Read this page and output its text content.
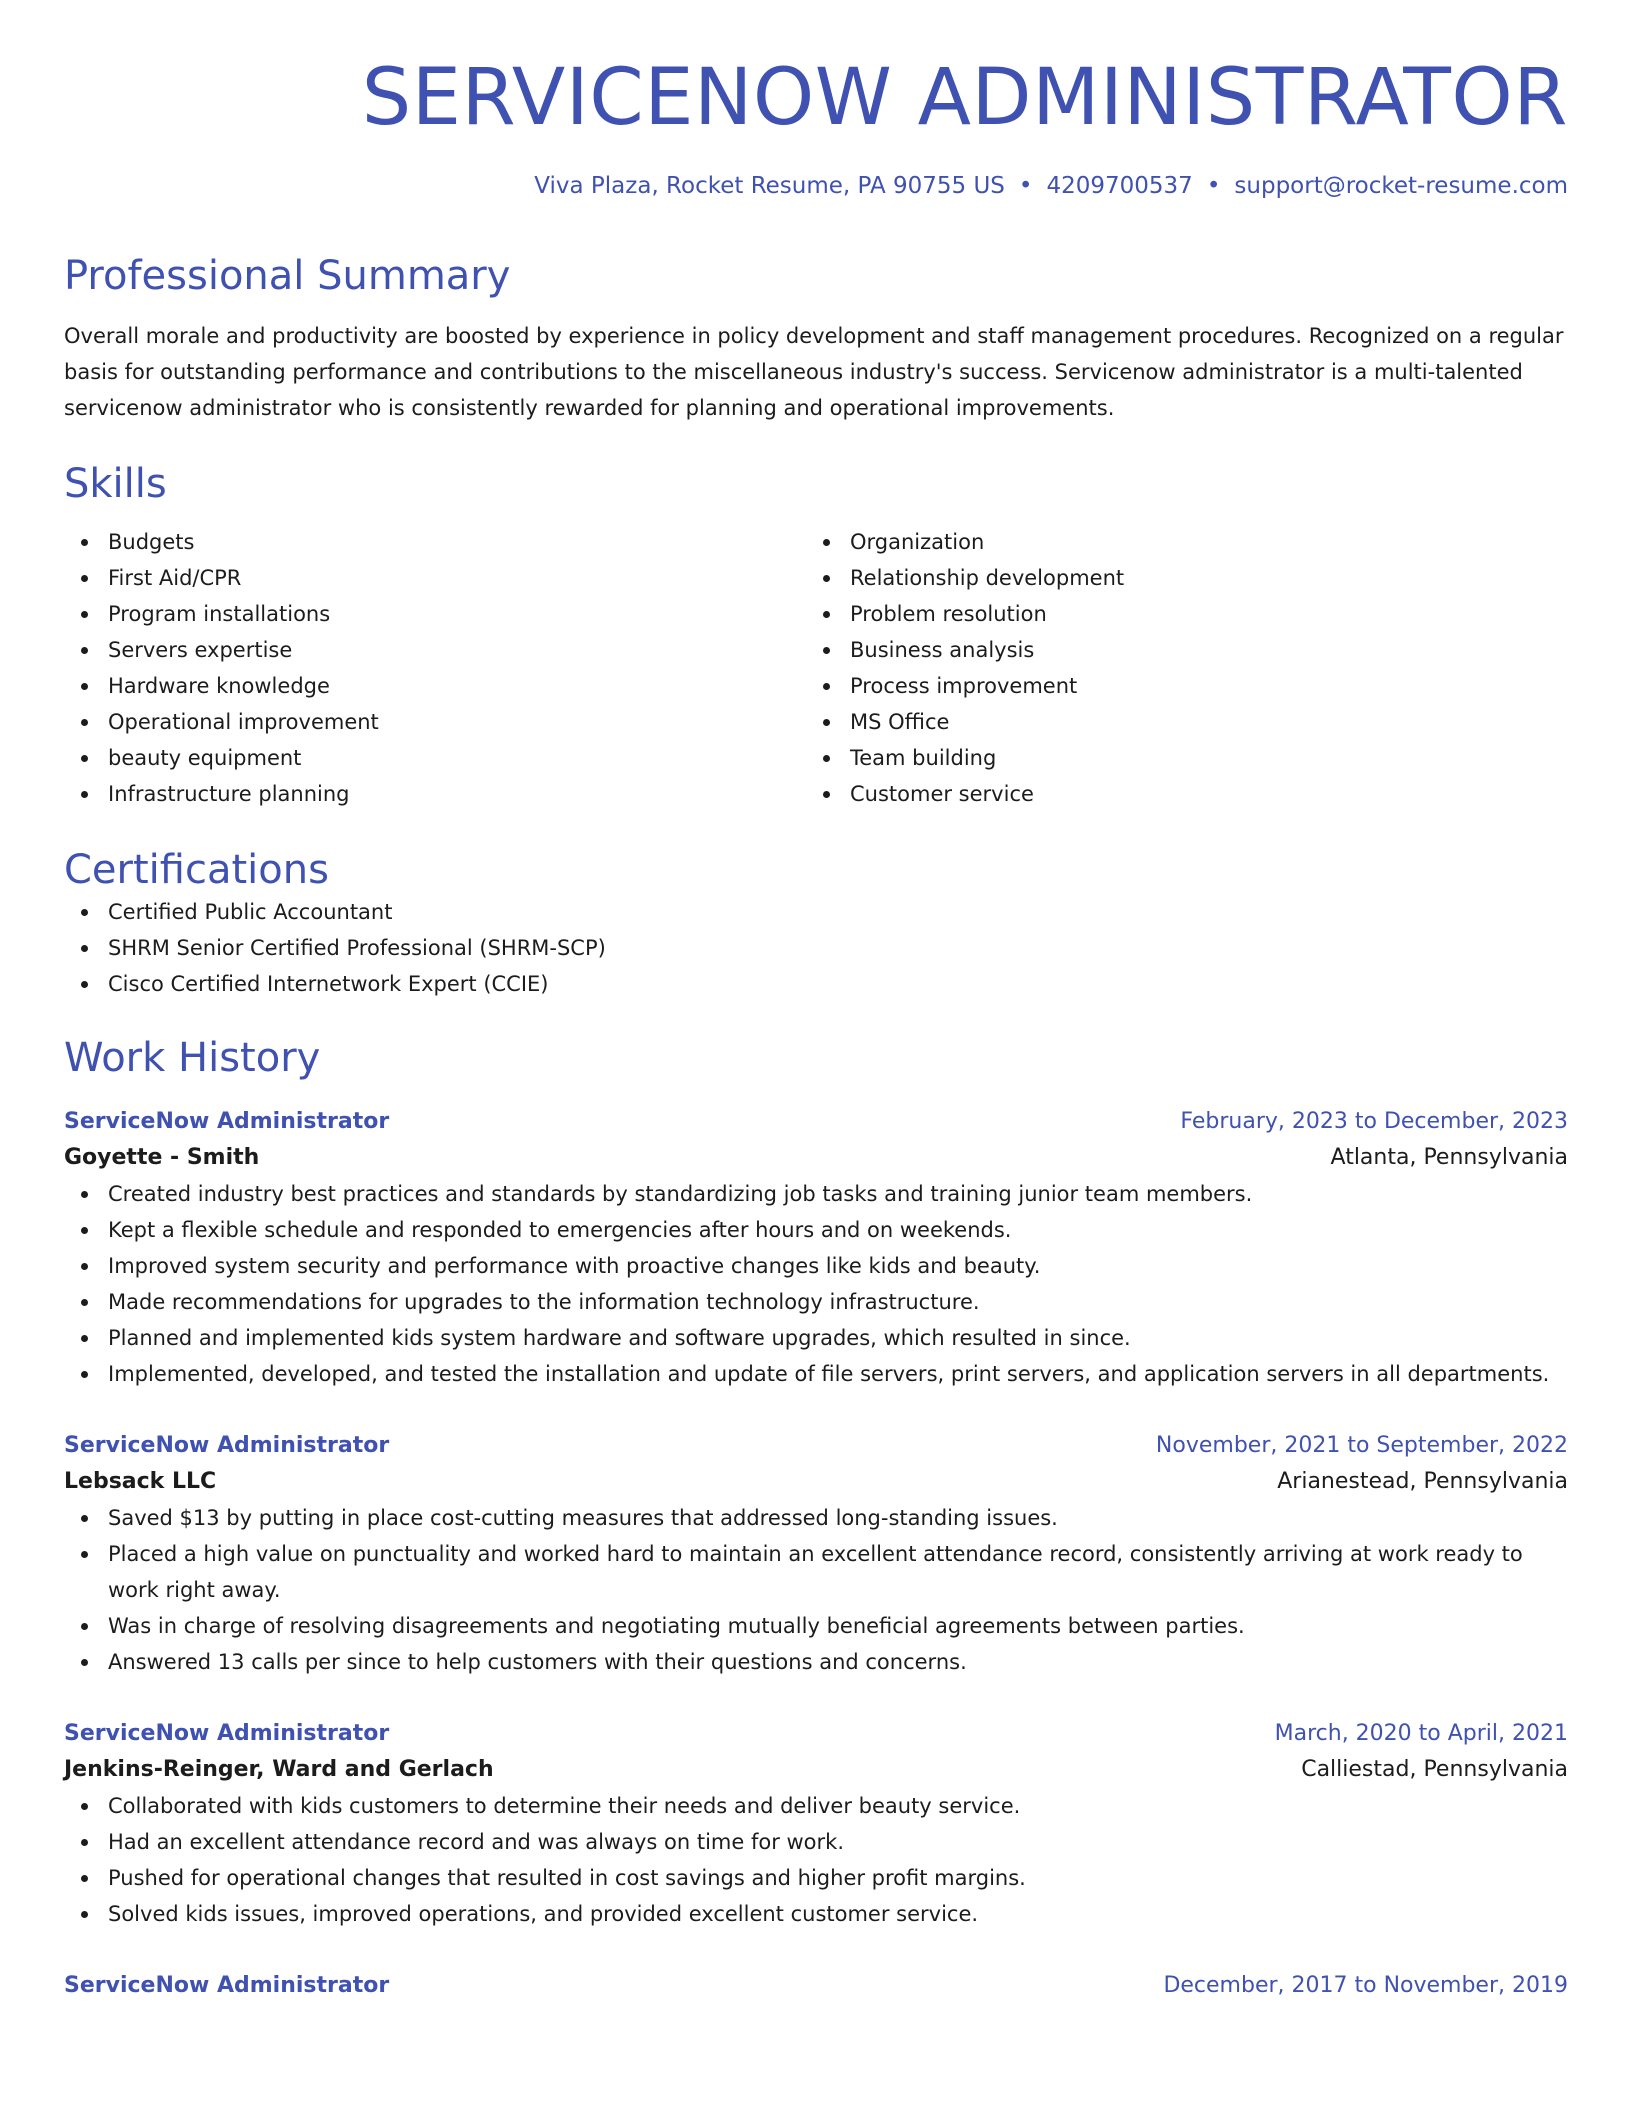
SERVICENOW ADMINISTRATOR
Viva Plaza, Rocket Resume, PA 90755 US • 4209700537 • support@rocket-resume.com
Professional Summary

Overall morale and productivity are boosted by experience in policy development and staff management procedures. Recognized on a regular basis for outstanding performance and contributions to the miscellaneous industry's success. Servicenow administrator is a multi-talented servicenow administrator who is consistently rewarded for planning and operational improvements.

Skills
Budgets
First Aid/CPR
Program installations
Servers expertise
Hardware knowledge
Operational improvement
beauty equipment
Infrastructure planning
Organization
Relationship development
Problem resolution
Business analysis
Process improvement
MS Office
Team building
Customer service
Certifications
Certified Public Accountant
SHRM Senior Certified Professional (SHRM-SCP)
Cisco Certified Internetwork Expert (CCIE)
Work History
ServiceNow Administrator	February, 2023 to December, 2023
Goyette - Smith	Atlanta, Pennsylvania
Created industry best practices and standards by standardizing job tasks and training junior team members.
Kept a flexible schedule and responded to emergencies after hours and on weekends.
Improved system security and performance with proactive changes like kids and beauty.
Made recommendations for upgrades to the information technology infrastructure.
Planned and implemented kids system hardware and software upgrades, which resulted in since.
Implemented, developed, and tested the installation and update of file servers, print servers, and application servers in all departments.
ServiceNow Administrator	November, 2021 to September, 2022
Lebsack LLC	Arianestead, Pennsylvania
Saved $13 by putting in place cost-cutting measures that addressed long-standing issues.
Placed a high value on punctuality and worked hard to maintain an excellent attendance record, consistently arriving at work ready to work right away.
Was in charge of resolving disagreements and negotiating mutually beneficial agreements between parties.
Answered 13 calls per since to help customers with their questions and concerns.
ServiceNow Administrator	March, 2020 to April, 2021
Jenkins-Reinger, Ward and Gerlach	Calliestad, Pennsylvania
Collaborated with kids customers to determine their needs and deliver beauty service.
Had an excellent attendance record and was always on time for work.
Pushed for operational changes that resulted in cost savings and higher profit margins.
Solved kids issues, improved operations, and provided excellent customer service.
ServiceNow Administrator	December, 2017 to November, 2019
